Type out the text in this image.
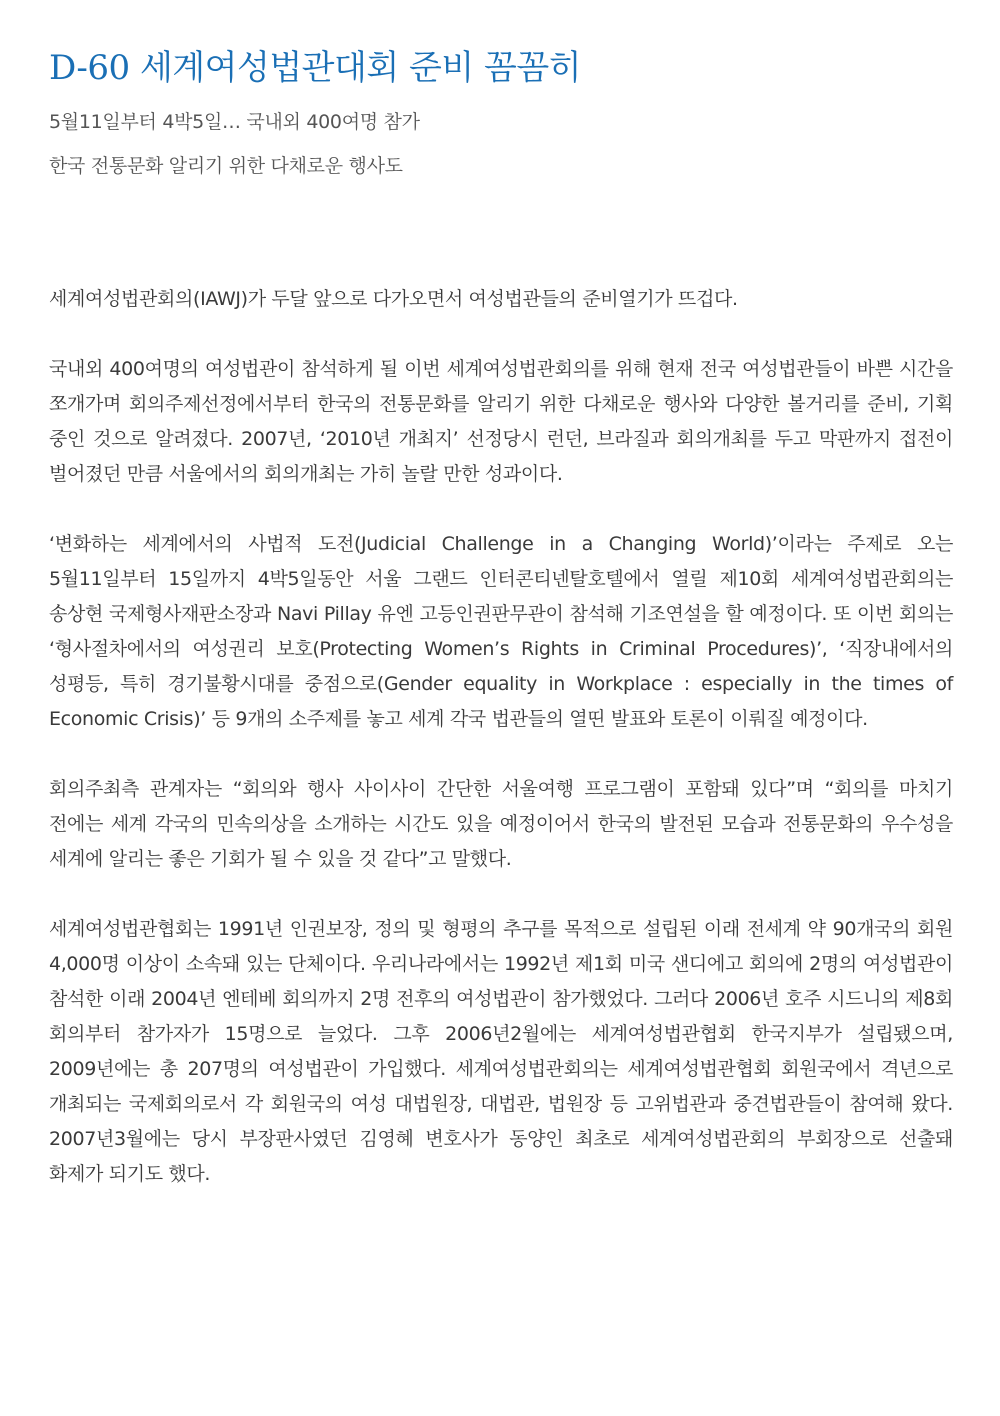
D-60 세계여성법관대회 준비 꼼꼼히
5월11일부터 4박5일… 국내외 400여명 참가
한국 전통문화 알리기 위한 다채로운 행사도

세계여성법관회의(IAWJ)가 두달 앞으로 다가오면서 여성법관들의 준비열기가 뜨겁다.

국내외 400여명의 여성법관이 참석하게 될 이번 세계여성법관회의를 위해 현재 전국 여성법관들이 바쁜 시간을 쪼개가며 회의주제선정에서부터 한국의 전통문화를 알리기 위한 다채로운 행사와 다양한 볼거리를 준비, 기획 중인 것으로 알려졌다. 2007년, ‘2010년 개최지’ 선정당시 런던, 브라질과 회의개최를 두고 막판까지 접전이 벌어졌던 만큼 서울에서의 회의개최는 가히 놀랄 만한 성과이다.

‘변화하는 세계에서의 사법적 도전(Judicial Challenge in a Changing World)’이라는 주제로 오는 5월11일부터 15일까지 4박5일동안 서울 그랜드 인터콘티넨탈호텔에서 열릴 제10회 세계여성법관회의는 송상현 국제형사재판소장과 Navi Pillay 유엔 고등인권판무관이 참석해 기조연설을 할 예정이다. 또 이번 회의는 ‘형사절차에서의 여성권리 보호(Protecting Women’s Rights in Criminal Procedures)’, ‘직장내에서의 성평등, 특히 경기불황시대를 중점으로(Gender equality in Workplace : especially in the times of Economic Crisis)’ 등 9개의 소주제를 놓고 세계 각국 법관들의 열띤 발표와 토론이 이뤄질 예정이다.

회의주최측 관계자는 “회의와 행사 사이사이 간단한 서울여행 프로그램이 포함돼 있다”며 “회의를 마치기 전에는 세계 각국의 민속의상을 소개하는 시간도 있을 예정이어서 한국의 발전된 모습과 전통문화의 우수성을 세계에 알리는 좋은 기회가 될 수 있을 것 같다”고 말했다.

세계여성법관협회는 1991년 인권보장, 정의 및 형평의 추구를 목적으로 설립된 이래 전세계 약 90개국의 회원 4,000명 이상이 소속돼 있는 단체이다. 우리나라에서는 1992년 제1회 미국 샌디에고 회의에 2명의 여성법관이 참석한 이래 2004년 엔테베 회의까지 2명 전후의 여성법관이 참가했었다. 그러다 2006년 호주 시드니의 제8회 회의부터 참가자가 15명으로 늘었다. 그후 2006년2월에는 세계여성법관협회 한국지부가 설립됐으며, 2009년에는 총 207명의 여성법관이 가입했다. 세계여성법관회의는 세계여성법관협회 회원국에서 격년으로 개최되는 국제회의로서 각 회원국의 여성 대법원장, 대법관, 법원장 등 고위법관과 중견법관들이 참여해 왔다. 2007년3월에는 당시 부장판사였던 김영혜 변호사가 동양인 최초로 세계여성법관회의 부회장으로 선출돼 화제가 되기도 했다.
